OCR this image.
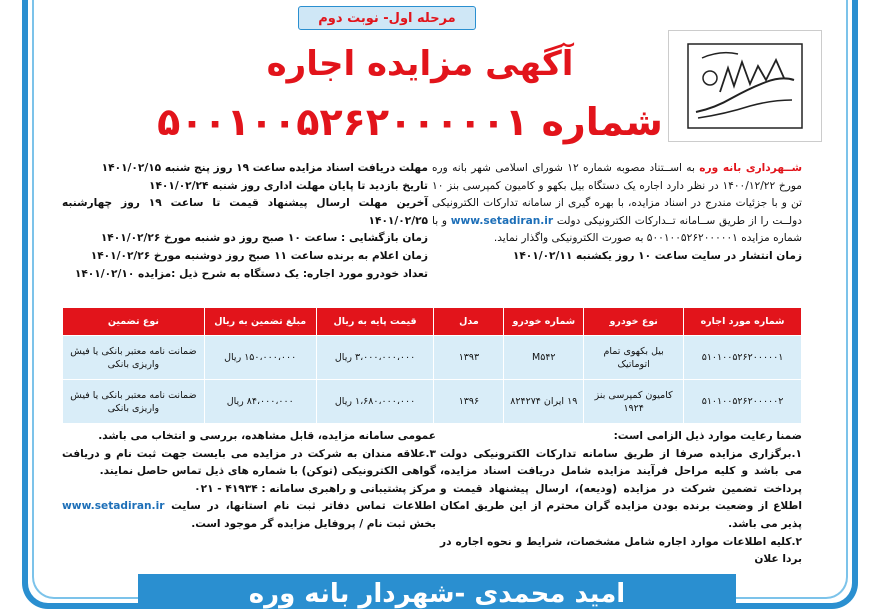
مرحله اول- نوبت دوم
آگهی مزایده اجاره
شماره ۵۰۰۱۰۰۵۲۶۲۰۰۰۰۰۱
شــهرداری بانه وره به اســتناد مصوبه شماره ۱۲ شورای اسلامی شهر بانه وره مورخ ۱۴۰۰/۱۲/۲۲ در نظر دارد اجاره یک دستگاه بیل بکهو و کامیون کمپرسی بنز ۱۰ تن و با جزئیات مندرج در اسناد مزایده، با بهره گیری از سامانه تدارکات الکترونیکی دولــت را از طریق ســامانه تــدارکات الکترونیکی دولت www.setadiran.ir و با شماره مزایده ۵۰۰۱۰۰۵۲۶۲۰۰۰۰۰۱ به صورت الکترونیکی واگذار نماید.
زمان انتشار در سایت ساعت ۱۰ روز یکشنبه ۱۴۰۱/۰۲/۱۱
مهلت دریافت اسناد مزایده ساعت ۱۹ روز پنج شنبه ۱۴۰۱/۰۲/۱۵
تاریخ بازدید تا پایان مهلت اداری روز شنبه ۱۴۰۱/۰۲/۲۴
آخرین مهلت ارسال پیشنهاد قیمت تا ساعت ۱۹ روز چهارشنبه ۱۴۰۱/۰۲/۲۵
زمان بازگشایی : ساعت ۱۰ صبح روز دو شنبه مورخ ۱۴۰۱/۰۲/۲۶
زمان اعلام به برنده ساعت ۱۱ صبح روز دوشنبه مورخ ۱۴۰۱/۰۲/۲۶
تعداد خودرو مورد اجاره: یک دستگاه به شرح ذیل :مزایده ۱۴۰۱/۰۲/۱۰
شماره مورد اجاره	نوع خودرو	شماره خودرو	مدل	قیمت پایه به ریال	مبلغ تضمین به ریال	نوع تضمین
۵۱۰۱۰۰۵۲۶۲۰۰۰۰۰۱	بیل بکهوی تمام اتوماتیک	M۵۴۲	۱۳۹۳	۳،۰۰۰،۰۰۰،۰۰۰ ریال	۱۵۰،۰۰۰،۰۰۰ ریال	ضمانت نامه معتبر بانکی یا فیش واریزی بانکی
۵۱۰۱۰۰۵۲۶۲۰۰۰۰۰۲	کامیون کمپرسی بنز ۱۹۲۴	۱۹ ایران ۸۲۴۲۷۴	۱۳۹۶	۱،۶۸۰،۰۰۰،۰۰۰ ریال	۸۴،۰۰۰،۰۰۰ ریال	ضمانت نامه معتبر بانکی یا فیش واریزی بانکی
ضمنا رعایت موارد ذیل الزامی است:
۱.برگزاری مزایده صرفا از طریق سامانه تدارکات الکترونیکی دولت می باشد و کلیه مراحل فرآیند مزایده شامل دریافت اسناد مزایده، پرداخت تضمین شرکت در مزایده (ودیعه)، ارسال پیشنهاد قیمت و اطلاع از وضعیت برنده بودن مزایده گران محترم از این طریق امکان پذیر می باشد.
۲.کلیه اطلاعات موارد اجاره شامل مشخصات، شرایط و نحوه اجاره در بردا علان
عمومی سامانه مزایده، قابل مشاهده، بررسی و انتخاب می باشد.
۳.علاقه مندان به شرکت در مزایده می بایست جهت ثبت نام و دریافت گواهی الکترونیکی (توکن) با شماره های ذیل تماس حاصل نمایند.
مرکز پشتیبانی و راهبری سامانه : ۴۱۹۳۴ - ۰۲۱
اطلاعات تماس دفاتر ثبت نام استانها، در سایت www.setadiran.ir بخش ثبت نام / پروفایل مزایده گر موجود است.
امید محمدی -شهردار بانه وره
